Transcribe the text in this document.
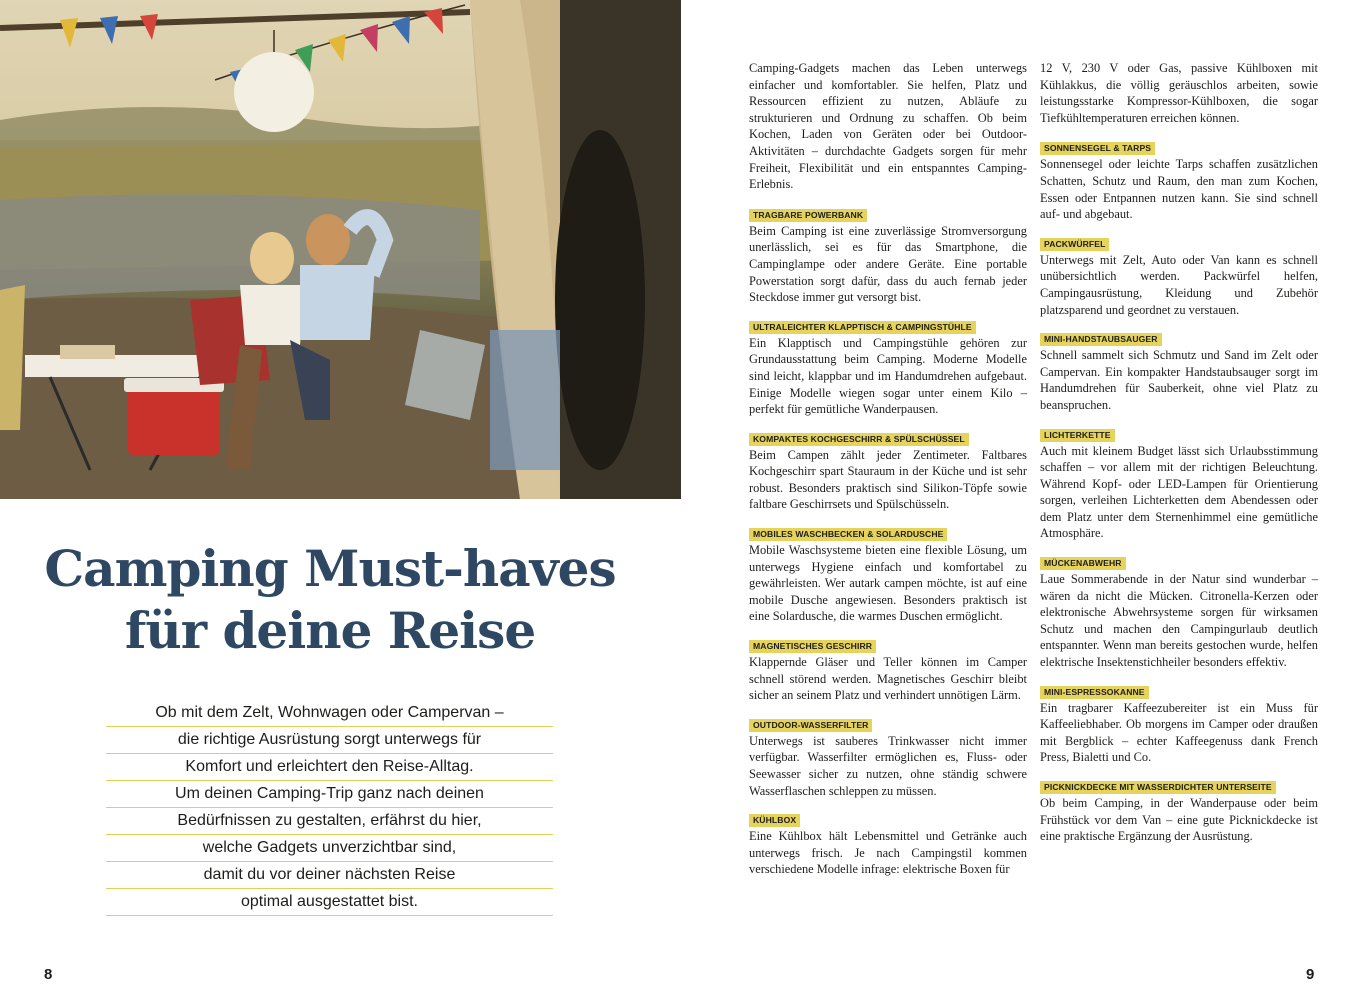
Camping Must-haves
für deine Reise
Ob mit dem Zelt, Wohnwagen oder Campervan –
die richtige Ausrüstung sorgt unterwegs für
Komfort und erleichtert den Reise-Alltag.
Um deinen Camping-Trip ganz nach deinen
Bedürfnissen zu gestalten, erfährst du hier,
welche Gadgets unverzichtbar sind,
damit du vor deiner nächsten Reise
optimal ausgestattet bist.
8

Camping-Gadgets machen das Leben unterwegs einfacher und komfortabler. Sie helfen, Platz und Ressourcen effizient zu nutzen, Abläufe zu strukturieren und Ordnung zu schaffen. Ob beim Kochen, Laden von Geräten oder bei Outdoor-Aktivitäten – durchdachte Gadgets sorgen für mehr Freiheit, Flexibilität und ein entspanntes Camping-Erlebnis.

TRAGBARE POWERBANK

Beim Camping ist eine zuverlässige Stromversorgung unerlässlich, sei es für das Smartphone, die Campinglampe oder andere Geräte. Eine portable Powerstation sorgt dafür, dass du auch fernab jeder Steckdose immer gut versorgt bist.

ULTRALEICHTER KLAPPTISCH & CAMPINGSTÜHLE

Ein Klapptisch und Campingstühle gehören zur Grundausstattung beim Camping. Moderne Modelle sind leicht, klappbar und im Handumdrehen aufgebaut. Einige Modelle wiegen sogar unter einem Kilo – perfekt für gemütliche Wanderpausen.

KOMPAKTES KOCHGESCHIRR & SPÜLSCHÜSSEL

Beim Campen zählt jeder Zentimeter. Faltbares Kochgeschirr spart Stauraum in der Küche und ist sehr robust. Besonders praktisch sind Silikon-Töpfe sowie faltbare Geschirrsets und Spülschüsseln.

MOBILES WASCHBECKEN & SOLARDUSCHE

Mobile Waschsysteme bieten eine flexible Lösung, um unterwegs Hygiene einfach und komfortabel zu gewährleisten. Wer autark campen möchte, ist auf eine mobile Dusche angewiesen. Besonders praktisch ist eine Solardusche, die warmes Duschen ermöglicht.

MAGNETISCHES GESCHIRR

Klappernde Gläser und Teller können im Camper schnell störend werden. Magnetisches Geschirr bleibt sicher an seinem Platz und verhindert unnötigen Lärm.

OUTDOOR-WASSERFILTER

Unterwegs ist sauberes Trinkwasser nicht immer verfügbar. Wasserfilter ermöglichen es, Fluss- oder Seewasser sicher zu nutzen, ohne ständig schwere Wasserflaschen schleppen zu müssen.

KÜHLBOX

Eine Kühlbox hält Lebensmittel und Getränke auch unterwegs frisch. Je nach Campingstil kommen verschiedene Modelle infrage: elektrische Boxen für

12 V, 230 V oder Gas, passive Kühlboxen mit Kühlakkus, die völlig geräuschlos arbeiten, sowie leistungsstarke Kompressor-Kühlboxen, die sogar Tiefkühltemperaturen erreichen können.

SONNENSEGEL & TARPS

Sonnensegel oder leichte Tarps schaffen zusätzlichen Schatten, Schutz und Raum, den man zum Kochen, Essen oder Entpannen nutzen kann. Sie sind schnell auf- und abgebaut.

PACKWÜRFEL

Unterwegs mit Zelt, Auto oder Van kann es schnell unübersichtlich werden. Packwürfel helfen, Campingausrüstung, Kleidung und Zubehör platzsparend und geordnet zu verstauen.

MINI-HANDSTAUBSAUGER

Schnell sammelt sich Schmutz und Sand im Zelt oder Campervan. Ein kompakter Handstaubsauger sorgt im Handumdrehen für Sauberkeit, ohne viel Platz zu beanspruchen.

LICHTERKETTE

Auch mit kleinem Budget lässt sich Urlaubsstimmung schaffen – vor allem mit der richtigen Beleuchtung. Während Kopf- oder LED-Lampen für Orientierung sorgen, verleihen Lichterketten dem Abendessen oder dem Platz unter dem Sternenhimmel eine gemütliche Atmosphäre.

MÜCKENABWEHR

Laue Sommerabende in der Natur sind wunderbar – wären da nicht die Mücken. Citronella-Kerzen oder elektronische Abwehrsysteme sorgen für wirksamen Schutz und machen den Campingurlaub deutlich entspannter. Wenn man bereits gestochen wurde, helfen elektrische Insektenstichheiler besonders effektiv.

MINI-ESPRESSOKANNE

Ein tragbarer Kaffeezubereiter ist ein Muss für Kaffeeliebhaber. Ob morgens im Camper oder draußen mit Bergblick – echter Kaffeegenuss dank French Press, Bialetti und Co.

PICKNICKDECKE MIT WASSERDICHTER UNTERSEITE

Ob beim Camping, in der Wanderpause oder beim Frühstück vor dem Van – eine gute Picknickdecke ist eine praktische Ergänzung der Ausrüstung.

9
